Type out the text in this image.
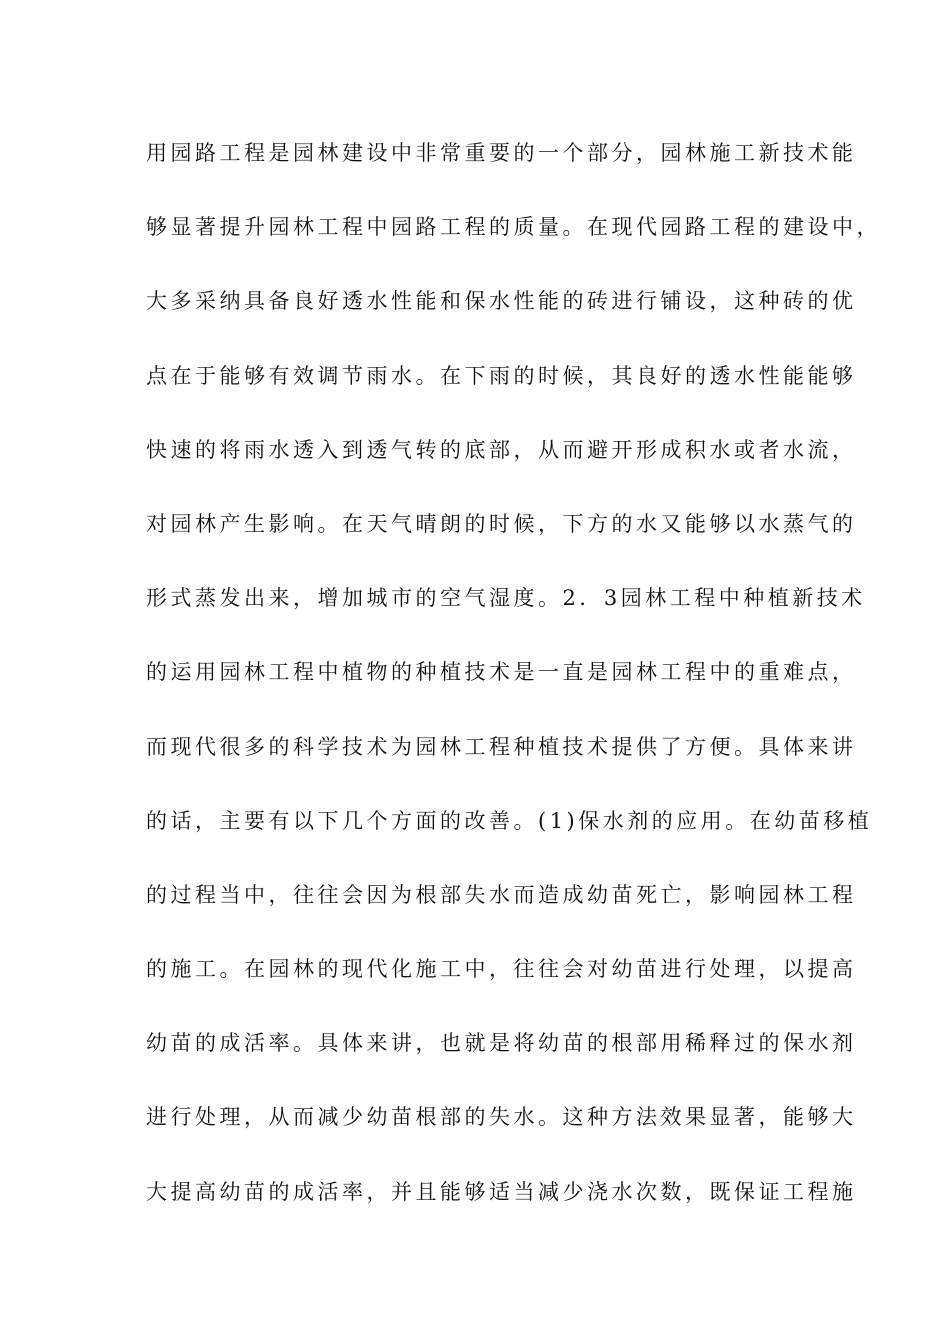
用园路工程是园林建设中非常重要的一个部分，园林施工新技术能
够显著提升园林工程中园路工程的质量。在现代园路工程的建设中，
大多采纳具备良好透水性能和保水性能的砖进行铺设，这种砖的优
点在于能够有效调节雨水。在下雨的时候，其良好的透水性能能够
快速的将雨水透入到透气转的底部，从而避开形成积水或者水流，
对园林产生影响。在天气晴朗的时候，下方的水又能够以水蒸气的
形式蒸发出来，增加城市的空气湿度。2．3园林工程中种植新技术
的运用园林工程中植物的种植技术是一直是园林工程中的重难点，
而现代很多的科学技术为园林工程种植技术提供了方便。具体来讲
的话，主要有以下几个方面的改善。(1)保水剂的应用。在幼苗移植
的过程当中，往往会因为根部失水而造成幼苗死亡，影响园林工程
的施工。在园林的现代化施工中，往往会对幼苗进行处理，以提高
幼苗的成活率。具体来讲，也就是将幼苗的根部用稀释过的保水剂
进行处理，从而减少幼苗根部的失水。这种方法效果显著，能够大
大提高幼苗的成活率，并且能够适当减少浇水次数，既保证工程施
